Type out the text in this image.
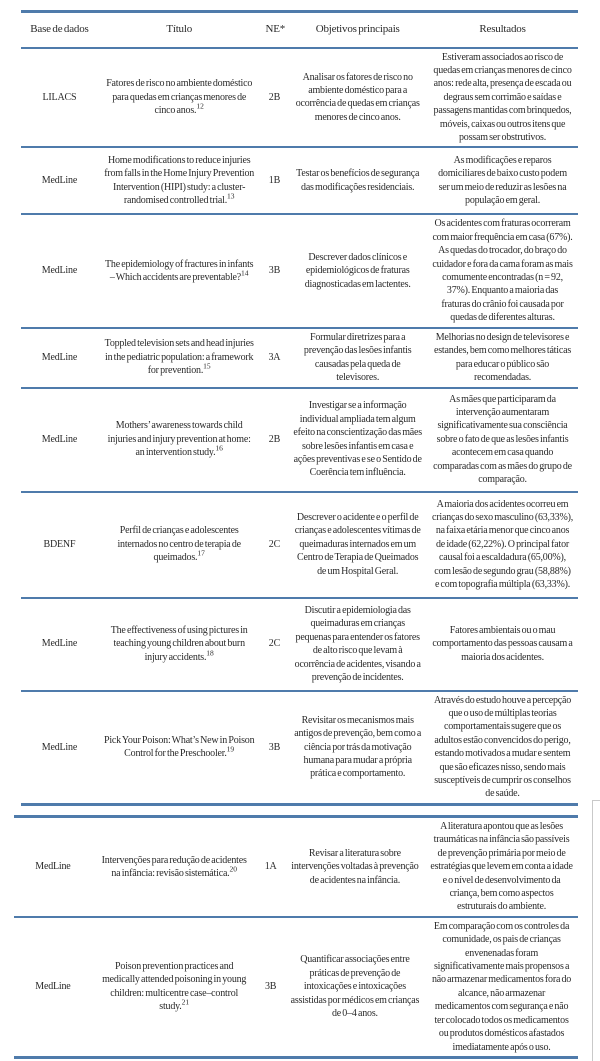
Base de dados	Título	NE*	Objetivos principais	Resultados
LILACS	Fatores de risco no ambiente doméstico para quedas em crianças menores de cinco anos.$^{12}$	2B	Analisar os fatores de risco no ambiente doméstico para a ocorrência de quedas em crianças menores de cinco anos.	Estiveram associados ao risco de quedas em crianças menores de cinco anos: rede alta, presença de escada ou degraus sem corrimão e saídas e passagens mantidas com brinquedos, móveis, caixas ou outros itens que possam ser obstrutivos.
MedLine	Home modifications to reduce injuries from falls in the Home Injury Prevention Intervention (HIPI) study: a cluster-randomised controlled trial.$^{13}$	1B	Testar os benefícios de segurança das modificações residenciais.	As modificações e reparos domiciliares de baixo custo podem ser um meio de reduzir as lesões na população em geral.
MedLine	The epidemiology of fractures in infants – Which accidents are preventable?$^{14}$	3B	Descrever dados clínicos e epidemiológicos de fraturas diagnosticadas em lactentes.	Os acidentes com fraturas ocorreram com maior frequência em casa (67%). As quedas do trocador, do braço do cuidador e fora da cama foram as mais comumente encontradas (n = 92, 37%). Enquanto a maioria das fraturas do crânio foi causada por quedas de diferentes alturas.
MedLine	Toppled television sets and head injuries in the pediatric population: a framework for prevention.$^{15}$	3A	Formular diretrizes para a prevenção das lesões infantis causadas pela queda de televisores.	Melhorias no design de televisores e estandes, bem como melhores táticas para educar o público são recomendadas.
MedLine	Mothers’ awareness towards child injuries and injury prevention at home: an intervention study.$^{16}$	2B	Investigar se a informação individual ampliada tem algum efeito na conscientização das mães sobre lesões infantis em casa e ações preventivas e se o Sentido de Coerência tem influência.	As mães que participaram da intervenção aumentaram significativamente sua consciência sobre o fato de que as lesões infantis acontecem em casa quando comparadas com as mães do grupo de comparação.
BDENF	Perfil de crianças e adolescentes internados no centro de terapia de queimados.$^{17}$	2C	Descrever o acidente e o perfil de crianças e adolescentes vítimas de queimaduras internados em um Centro de Terapia de Queimados de um Hospital Geral.	A maioria dos acidentes ocorreu em crianças do sexo masculino (63,33%), na faixa etária menor que cinco anos de idade (62,22%). O principal fator causal foi a escaldadura (65,00%), com lesão de segundo grau (58,88%) e com topografia múltipla (63,33%).
MedLine	The effectiveness of using pictures in teaching young children about burn injury accidents.$^{18}$	2C	Discutir a epidemiologia das queimaduras em crianças pequenas para entender os fatores de alto risco que levam à ocorrência de acidentes, visando a prevenção de incidentes.	Fatores ambientais ou o mau comportamento das pessoas causam a maioria dos acidentes.
MedLine	Pick Your Poison: What’s New in Poison Control for the Preschooler.$^{19}$	3B	Revisitar os mecanismos mais antigos de prevenção, bem como a ciência por trás da motivação humana para mudar a própria prática e comportamento.	Através do estudo houve a percepção que o uso de múltiplas teorias comportamentais sugere que os adultos estão convencidos do perigo, estando motivados a mudar e sentem que são eficazes nisso, sendo mais susceptíveis de cumprir os conselhos de saúde.
MedLine	Intervenções para redução de acidentes na infância: revisão sistemática.$^{20}$	1A	Revisar a literatura sobre intervenções voltadas à prevenção de acidentes na infância.	A literatura apontou que as lesões traumáticas na infância são passíveis de prevenção primária por meio de estratégias que levem em conta a idade e o nível de desenvolvimento da criança, bem como aspectos estruturais do ambiente.
MedLine	Poison prevention practices and medically attended poisoning in young children: multicentre case–control study.$^{21}$	3B	Quantificar associações entre práticas de prevenção de intoxicações e intoxicações assistidas por médicos em crianças de 0–4 anos.	Em comparação com os controles da comunidade, os pais de crianças envenenadas foram significativamente mais propensos a não armazenar medicamentos fora do alcance, não armazenar medicamentos com segurança e não ter colocado todos os medicamentos ou produtos domésticos afastados imediatamente após o uso.
